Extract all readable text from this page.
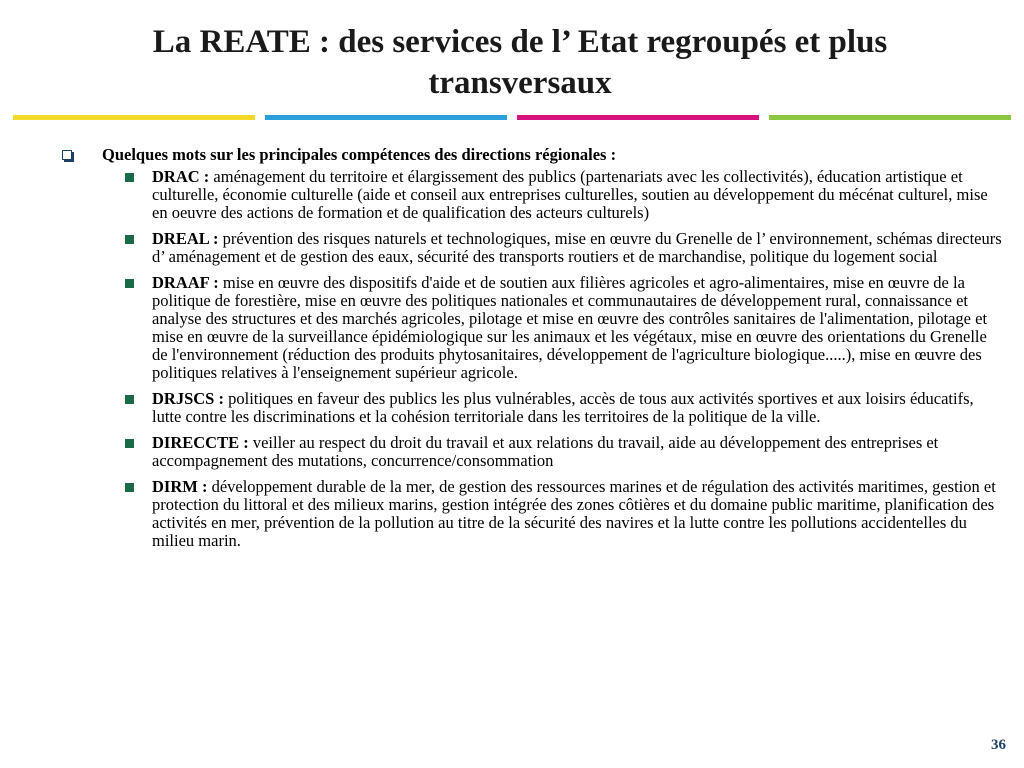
La REATE : des services de l’ Etat regroupés et plus transversaux
Quelques mots sur les principales compétences des directions régionales :
DRAC : aménagement du territoire et élargissement des publics (partenariats avec les collectivités), éducation artistique et culturelle, économie culturelle (aide et conseil aux entreprises culturelles, soutien au développement du mécénat culturel, mise en oeuvre des actions de formation et de qualification des acteurs culturels)
DREAL : prévention des risques naturels et technologiques, mise en œuvre du Grenelle de l’ environnement, schémas directeurs d’ aménagement et de gestion des eaux, sécurité des transports routiers et de marchandise, politique du logement social
DRAAF : mise en œuvre des dispositifs d'aide et de soutien aux filières agricoles et agro-alimentaires, mise en œuvre de la politique de forestière, mise en œuvre des politiques nationales et communautaires de développement rural, connaissance et analyse des structures et des marchés agricoles, pilotage et mise en œuvre des contrôles sanitaires de l'alimentation, pilotage et mise en œuvre de la surveillance épidémiologique sur les animaux et les végétaux, mise en œuvre des orientations du Grenelle de l'environnement (réduction des produits phytosanitaires, développement de l'agriculture biologique.....), mise en œuvre des politiques relatives à l'enseignement supérieur agricole.
DRJSCS : politiques en faveur des publics les plus vulnérables, accès de tous aux activités sportives et aux loisirs éducatifs, lutte contre les discriminations et la cohésion territoriale dans les territoires de la politique de la ville.
DIRECCTE : veiller au respect du droit du travail et aux relations du travail, aide au développement des entreprises et accompagnement des mutations, concurrence/consommation
DIRM : développement durable de la mer, de gestion des ressources marines et de régulation des activités maritimes, gestion et protection du littoral et des milieux marins, gestion intégrée des zones côtières et du domaine public maritime, planification des activités en mer, prévention de la pollution au titre de la sécurité des navires et la lutte contre les pollutions accidentelles du milieu marin.
36
